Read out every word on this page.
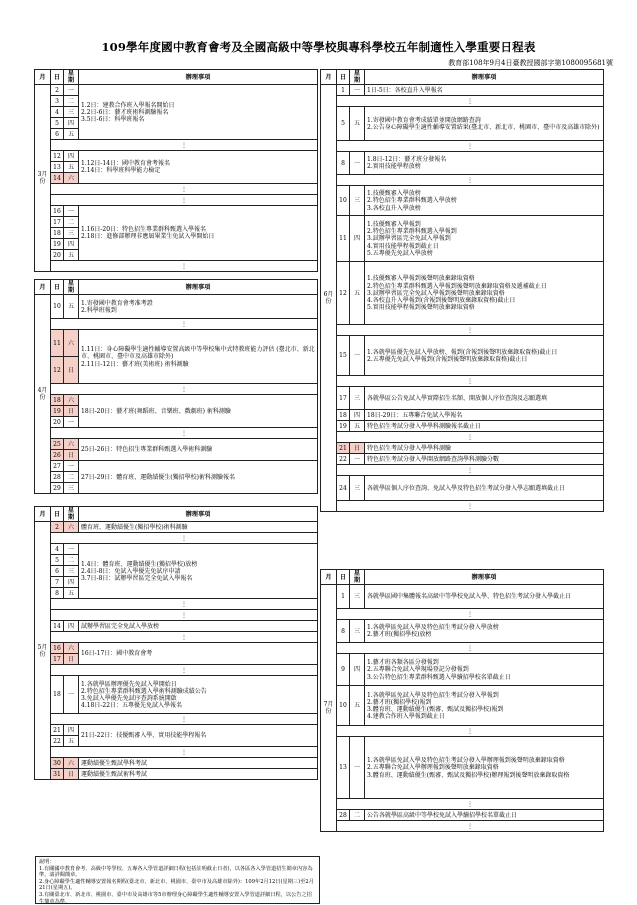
109學年度國中教育會考及全國高級中等學校與專科學校五年制適性入學重要日程表
教育部108年9月4日臺教授國部字第1080095681號
月	日	星期	辦理事項
3月份	2	一	1.2日：建教合作班入學報名開始日
2.2日-6日：藝才班術科測驗報名
3.5日-6日：科學班報名

	3	二	
	4	三	
	5	四	
	6	五	
	⋮		
	12	四	1.12日-14日：國中教育會考報名
2.14日：科學班科學能力檢定

	13	五	
	14	六	
	⋮		
	⋮		
	16	一	1.16日-20日：特色招生專業群科甄選入學報名
2.18日：進修部辦理非應屆畢業生免試入學開始日

	17	二	
	18	三	
	19	四	
	20	五	
	⋮		
月	日	星期	辦理事項
4月份	10	五	1.寄發國中教育會考准考證
2.科學班報到

	⋮		
	11	六	1.11日：身心障礙學生適性輔導安置高級中等學校集中式特教班能力評估 (臺北市、新北市、桃園市、臺中市及高雄市除外)
2.11日-12日：藝才班(美術班) 術科測驗

	12	日	
	⋮		
	18	六	18日-20日：藝才班(舞蹈班、音樂班、戲劇班) 術科測驗
	19	日	
	20	一	
	⋮		
	25	六	25日-26日：特色招生專業群科甄選入學術科測驗
	26	日	
	27	一	27日-29日：體育班、運動績優生(獨招學校)術科測驗報名
	28	二	
	29	三	
月	日	星期	辦理事項
5月份	2	六	體育班、運動績優生(獨招學校)術科測驗
	⋮		
	4	一	1.4日：體育班、運動績優生(獨招學校)放榜
2.4日-8日：免試入學優先免試序申請
3.7日-8日：試辦學習區完全免試入學報名

	5	二	
	6	三	
	7	四	
	8	五	
	⋮		
	⋮		
	14	四	試辦學習區完全免試入學放榜
	⋮		
	16	六	16日-17日：國中教育會考
	17	日	
	⋮		
	18	一	1.各就學區辦理優先免試入學開始日
2.特色招生專業群科甄選入學術科測驗成績公告
3.免試入學優先免試序查詢系統開啟
4.18日-22日：五專優先免試入學報名

	⋮		
	21	四	21日-22日：技優甄審入學、實用技能學程報名
	22	五	
	⋮		
	30	六	運動績優生甄試學科考試
	31	日	運動績優生甄試術科考試
月	日	星期	辦理事項
6月份	1	一	1日-5日：各校直升入學報名
	⋮		
	5	五	1.寄發國中教育會考成績單並開放網路查詢
2.公告身心障礙學生適性輔導安置結果(臺北市、新北市、桃園市、臺中市及高雄市除外)

	⋮		
	8	一	1.8日-12日：藝才班分發報名
2.實用技能學程放榜

	⋮		
	10	三	1.技優甄審入學放榜
2.特色招生專業群科甄選入學放榜
3.各校直升入學放榜

	11	四	1.技優甄審入學報到
2.特色招生專業群科甄選入學報到
3.試辦學習區完全免試入學報到
4.實用技能學程報到截止日
5.五專優先免試入學放榜

	12	五	1.技優甄審入學報到後聲明放棄錄取資格
2.特色招生專業群科甄選入學報到後聲明放棄錄取資格及遞補截止日
3.試辦學習區完全免試入學報到後聲明放棄錄取資格
4.各校直升入學報到(含報到後聲明放棄錄取資格)截止日
5.實用技能學程報到後聲明放棄錄取資格

	⋮		
	15	一	1.各就學區優先免試入學放榜、報到(含報到後聲明放棄錄取資格)截止日
2.五專優先免試入學報到(含報到後聲明放棄錄取資格)截止日

	⋮		
	17	三	各就學區公告免試入學實際招生名額、開放個人序位查詢及志願選填
	18	四	18日-29日：五專聯合免試入學報名
	19	五	特色招生考試分發入學學科測驗報名截止日
	⋮		
	21	日	特色招生考試分發入學學科測驗
	22	一	特色招生考試分發入學開放網路查詢學科測驗分數
	⋮		
	24	三	各就學區個人序位查詢、免試入學及特色招生考試分發入學志願選填截止日
	⋮		
月	日	星期	辦理事項
7月份	1	三	各就學區國中集體報名高級中等學校免試入學、特色招生考試分發入學截止日
	⋮		
	8	三	1.各就學區免試入學及特色招生考試分發入學放榜
2.藝才班(獨招學校)放榜

	⋮		
	9	四	1.藝才班各類各區分發報到
2.五專聯合免試入學現場登記分發報到
3.公告特色招生專業群科甄選入學續招學校名單截止日

	10	五	1.各就學區免試入學及特色招生考試分發入學報到
2.藝才班(獨招學校)報到
3.體育班、運動績優生(甄審、甄試及獨招學校)報到
4.建教合作班入學報到截止日

	⋮		
	13	一	1.各就學區免試入學及特色招生考試分發入學辦理報到後聲明放棄錄取資格
2.五專聯合免試入學辦理報到後聲明放棄錄取資格
3.體育班、運動績優生(甄審、甄試及獨招學校)辦理報到後聲明放棄錄取資格

	⋮		
	28	二	公告各就學區高級中等學校免試入學續招學校名單截止日
	⋮		
說明：
1.有關國中教育會考、高級中等學校、五專各入學管道詳細日程(包括註明截止日者)，以各區各入學管道招生簡章內容為準，請詳閱簡章。
2.身心障礙學生適性輔導安置報名期程(臺北市、新北市、桃園市、臺中市及高雄市除外)：109年2月12日(星期三)至2月21日(星期五)。
3.有關臺北市、新北市、桃園市、臺中市及高雄市等5市辦理身心障礙學生適性輔導安置入學管道詳細日程，以公告之招生簡章為準。
